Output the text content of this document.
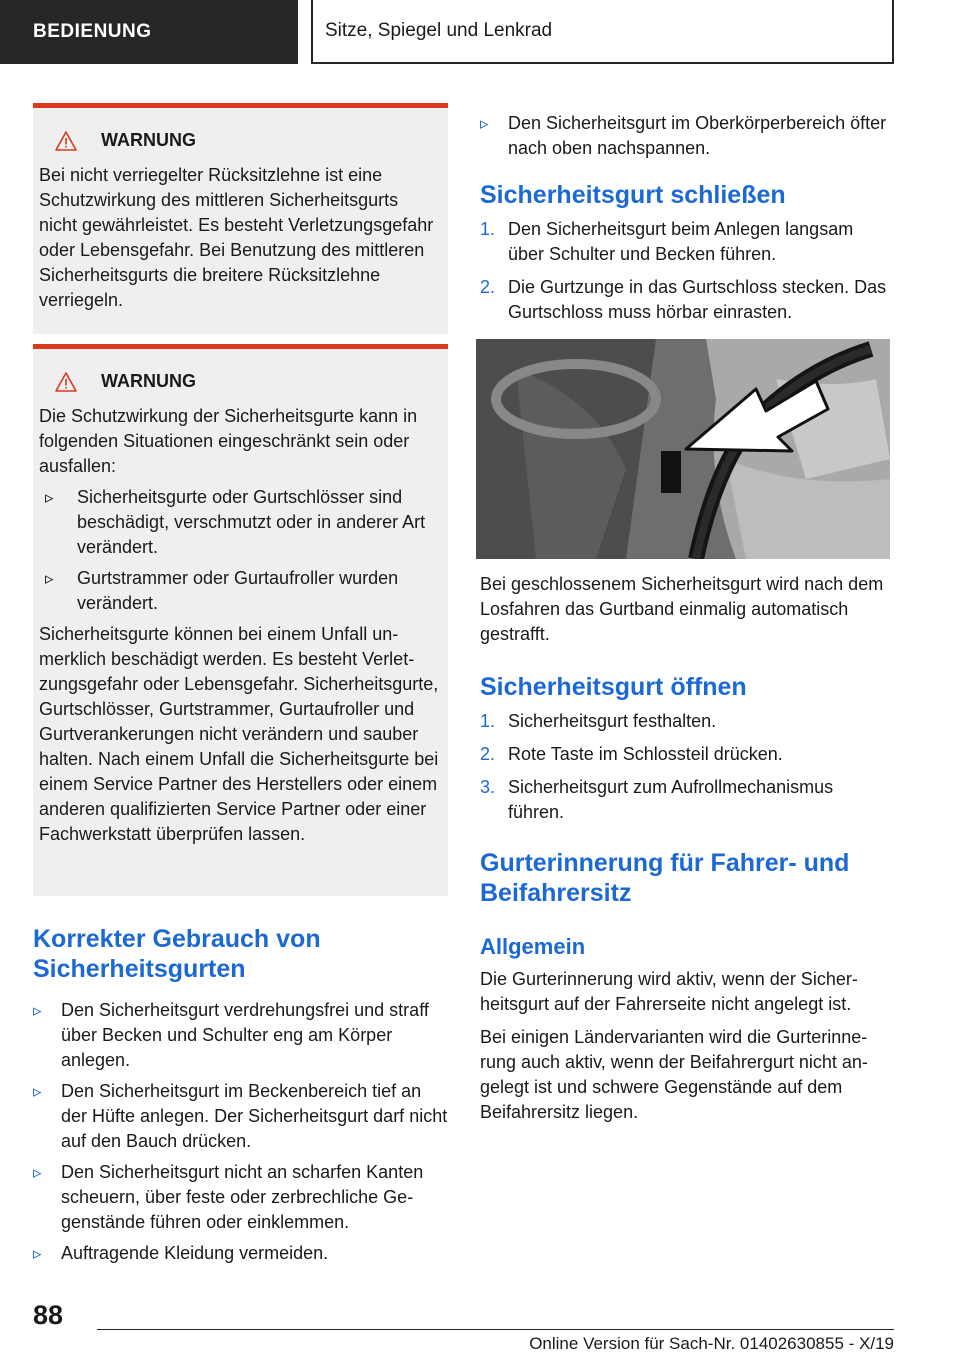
BEDIENUNG	Sitze, Spiegel und Lenkrad
WARNUNG

Bei nicht verriegelter Rücksitzlehne ist eine Schutzwirkung des mittleren Sicherheitsgurts nicht gewährleistet. Es besteht Verletzungsgefahr oder Lebensgefahr. Bei Benutzung des mittleren Sicherheitsgurts die breitere Rücksitzlehne verriegeln.

WARNUNG

Die Schutzwirkung der Sicherheitsgurte kann in folgenden Situationen eingeschränkt sein oder ausfallen:

▹ Sicherheitsgurte oder Gurtschlösser sind beschädigt, verschmutzt oder in anderer Art verändert.
▹ Gurtstrammer oder Gurtaufroller wurden verändert.

Sicherheitsgurte können bei einem Unfall unmerklich beschädigt werden. Es besteht Verletzungsgefahr oder Lebensgefahr. Sicherheitsgurte, Gurtschlösser, Gurtstrammer, Gurtaufroller und Gurtverankerungen nicht verändern und sauber halten. Nach einem Unfall die Sicherheitsgurte bei einem Service Partner des Herstellers oder einem anderen qualifizierten Service Partner oder einer Fachwerkstatt überprüfen lassen.

Korrekter Gebrauch von Sicherheitsgurten
▹ Den Sicherheitsgurt verdrehungsfrei und straff über Becken und Schulter eng am Körper anlegen.
▹ Den Sicherheitsgurt im Beckenbereich tief an der Hüfte anlegen. Der Sicherheitsgurt darf nicht auf den Bauch drücken.
▹ Den Sicherheitsgurt nicht an scharfen Kanten scheuern, über feste oder zerbrechliche Gegenstände führen oder einklemmen.
▹ Auftragende Kleidung vermeiden.
▹ Den Sicherheitsgurt im Oberkörperbereich öfter nach oben nachspannen.
Sicherheitsgurt schließen
1. Den Sicherheitsgurt beim Anlegen langsam über Schulter und Becken führen.
2. Die Gurtzunge in das Gurtschloss stecken. Das Gurtschloss muss hörbar einrasten.

Bei geschlossenem Sicherheitsgurt wird nach dem Losfahren das Gurtband einmalig automatisch gestrafft.

Sicherheitsgurt öffnen
1. Sicherheitsgurt festhalten.
2. Rote Taste im Schlossteil drücken.
3. Sicherheitsgurt zum Aufrollmechanismus führen.
Gurterinnerung für Fahrer- und Beifahrersitz
Allgemein

Die Gurterinnerung wird aktiv, wenn der Sicherheitsgurt auf der Fahrerseite nicht angelegt ist.

Bei einigen Ländervarianten wird die Gurterinnerung auch aktiv, wenn der Beifahrergurt nicht angelegt ist und schwere Gegenstände auf dem Beifahrersitz liegen.

88
Online Version für Sach-Nr. 01402630855 - X/19
